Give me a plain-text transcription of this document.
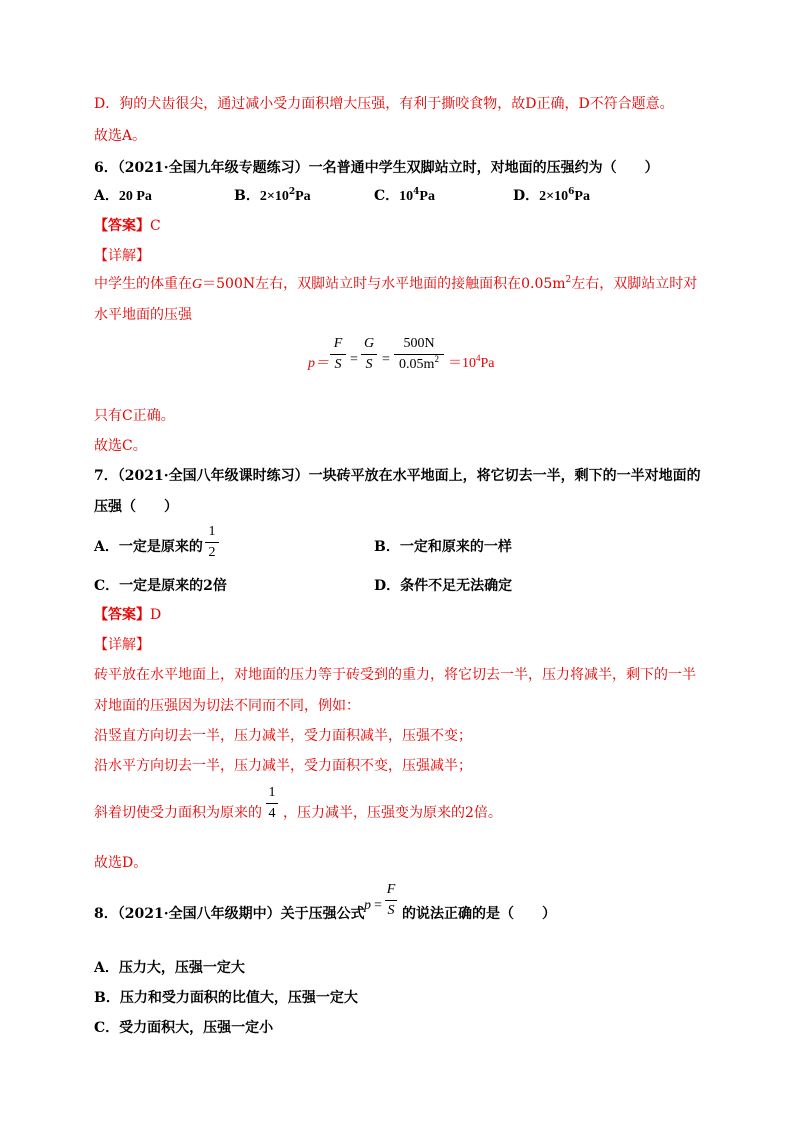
D．狗的犬齿很尖，通过减小受力面积增大压强，有利于撕咬食物，故D正确，D不符合题意。
故选A。
6．（2021·全国九年级专题练习）一名普通中学生双脚站立时，对地面的压强约为（　　）
A．20 Pa	B．$2\times 10^2Pa$	C．$10^4Pa$	D．$2\times 10^6Pa$
【答案】C
【详解】
中学生的体重在G＝500N左右，双脚站立时与水平地面的接触面积在$0.05m^2$左右，双脚站立时对
水平地面的压强
p＝
F
S =
G
S =
500N
$0.05m^2 =10^4Pa$
只有C正确。
故选C。
7．（2021·全国八年级课时练习）一块砖平放在水平地面上，将它切去一半，剩下的一半对地面的
压强（　　）
A．一定是原来的
1
2	B．一定和原来的一样
C．一定是原来的2倍	D．条件不足无法确定
【答案】D
【详解】
砖平放在水平地面上，对地面的压力等于砖受到的重力，将它切去一半，压力将减半，剩下的一半
对地面的压强因为切法不同而不同，例如：
沿竖直方向切去一半，压力减半，受力面积减半，压强不变；
沿水平方向切去一半，压力减半，受力面积不变，压强减半；
斜着切使受力面积为原来的
1
4 ，压力减半，压强变为原来的2倍。
故选D。
8．（2021·全国八年级期中）关于压强公式
p =
F
S 的说法正确的是（　　）
A．压力大，压强一定大
B．压力和受力面积的比值大，压强一定大
C．受力面积大，压强一定小
